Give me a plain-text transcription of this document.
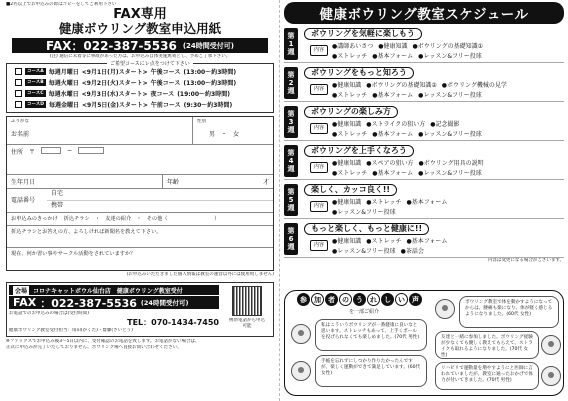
■2名以上でお申込みの際はコピーをしてご利用下さい
FAX専用
健康ボウリング教室申込用紙
FAX：022-387-5536 (24時間受付可)
(注) 通信に未着等に事故があった方は、お申込み自体実施無効とし、予めご了承下さい。
ご希望コースにレ点をつけて下さい
コースA 毎週月曜日 <9月1日(月)スタート> 午後コース (13:00〜約3時間)
コースB 毎週火曜日 <9月2日(火)スタート> 午後コース (13:00〜約3時間)
コースC 毎週水曜日 <9月3日(水)スタート> 夜コース (19:00〜約3時間)
コースD 毎週金曜日 <9月5日(金)スタート> 午前コース (9:30〜約3時間)
ふりがな
お名前
性別
男 ・ 女
住所 〒	−
生年月日	年齢	才
電話番号
自宅
携帯
お申込みのきっかけ 折込チラシ　・　友達の紹介　・　その他（　　　　　　　　　）
折込チラシとお答えの方、よろしければ新聞名を教えて下さい。
現在、何か習い事やサークル活動をされていますか？
(お申込みいただきました個人情報は教室の運営以外には使用致しません)
会場	コロナキャットボウル仙台店　健康ボウリング教室受付
FAX ：022-387-5536 (24時間受付可)
お電話でのお申込みの場合は(受付時間)
TEL：070-1434-7450
健康ボウリング教室受付担当：角田(かくた)・齋藤(さいとう)
携帯電話から申込可能
※ファックスでお申込み後3〜5日以内に、受付確認のお電話を致します。お電話がない場合は、
正式に申込みが完了いたしておりません。ボウリング場へ直接お問い合わせください。
健康ボウリング教室スケジュール
第
1
週
ボウリングを気軽に楽しもう
内容	●講師あいさつ ●健康知識 ●ボウリングの基礎知識①
●ストレッチ ●基本フォーム ●レッスン&フリー投球
第
2
週
ボウリングをもっと知ろう
内容	●健康知識 ●ボウリングの基礎知識② ●ボウリング機械の見学
●ストレッチ ●基本フォーム ●レッスン&フリー投球
第
3
週
ボウリングの楽しみ方
内容	●健康知識 ●ストライクの狙い方 ●記念撮影
●ストレッチ ●基本フォーム ●レッスン&フリー投球
第
4
週
ボウリングを上手くなろう
内容	●健康知識 ●スペアの狙い方 ●ボウリング用具の説明
●ストレッチ ●基本フォーム ●レッスン&フリー投球
第
5
週
楽しく、カッコ良く!!
内容	●健康知識 ●ストレッチ ●基本フォーム
●レッスン&フリー投球
第
6
週
もっと楽しく、もっと健康に!!
内容	●健康知識 ●ストレッチ ●基本フォーム
●レッスン&フリー投球 ●茶話会
内容は変更になる場合がございます。
参	加	者	の	う	れ	し	い	声
を一部ご紹介
ボウリング教室で体を動かすようになってからは、腰痛も楽になり、体が軽く感じるようになりました。(60代 女性)
私はこういうボウリングが一番健康に良いなと思います。ストレッチもあって、上手くボールを投げられなくても楽しめました。(70代 男性)
手帳を忘れずにしつかり作りたかったんですが、楽しく運動ができて満足しています。(60代 女性)
友達と一緒に参加しました。ボウリング経験が少なくても優しく教えてもらえて、ストライクも取れるようになりました。(70代 女性)
リハビリで運動量を増やすようにと医師に言われていましたが、教室に通ったおかげで体力が付いてきました。(70代 男性)
